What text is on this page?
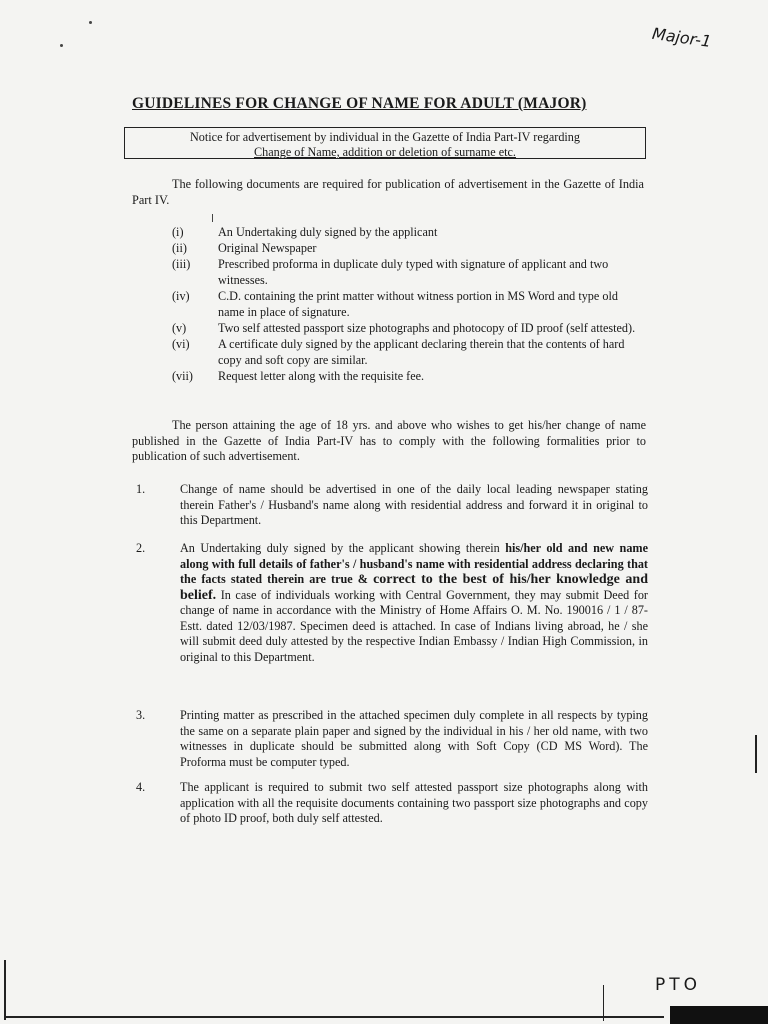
Major-1
GUIDELINES FOR CHANGE OF NAME FOR ADULT (MAJOR)
Notice for advertisement by individual in the Gazette of India Part-IV regarding
Change of Name, addition or deletion of surname etc.
The following documents are required for publication of advertisement in the Gazette of India Part IV.
(i)	An Undertaking duly signed by the applicant
(ii)	Original Newspaper
(iii)	Prescribed proforma in duplicate duly typed with signature of applicant and two witnesses.
(iv)	C.D. containing the print matter without witness portion in MS Word and type old name in place of signature.
(v)	Two self attested passport size photographs and photocopy of ID proof (self attested).
(vi)	A certificate duly signed by the applicant declaring therein that the contents of hard copy and soft copy are similar.
(vii)	Request letter along with the requisite fee.
The person attaining the age of 18 yrs. and above who wishes to get his/her change of name published in the Gazette of India Part-IV has to comply with the following formalities prior to publication of such advertisement.
1.	Change of name should be advertised in one of the daily local leading newspaper stating therein Father's / Husband's name along with residential address and forward it in original to this Department.
2.	An Undertaking duly signed by the applicant showing therein his/her old and new name along with full details of father's / husband's name with residential address declaring that the facts stated therein are true & correct to the best of his/her knowledge and belief. In case of individuals working with Central Government, they may submit Deed for change of name in accordance with the Ministry of Home Affairs O. M. No. 190016 / 1 / 87-Estt. dated 12/03/1987. Specimen deed is attached. In case of Indians living abroad, he / she will submit deed duly attested by the respective Indian Embassy / Indian High Commission, in original to this Department.
3.	Printing matter as prescribed in the attached specimen duly complete in all respects by typing the same on a separate plain paper and signed by the individual in his / her old name, with two witnesses in duplicate should be submitted along with Soft Copy (CD MS Word). The Proforma must be computer typed.
4.	The applicant is required to submit two self attested passport size photographs along with application with all the requisite documents containing two passport size photographs and copy of photo ID proof, both duly self attested.
PTO
